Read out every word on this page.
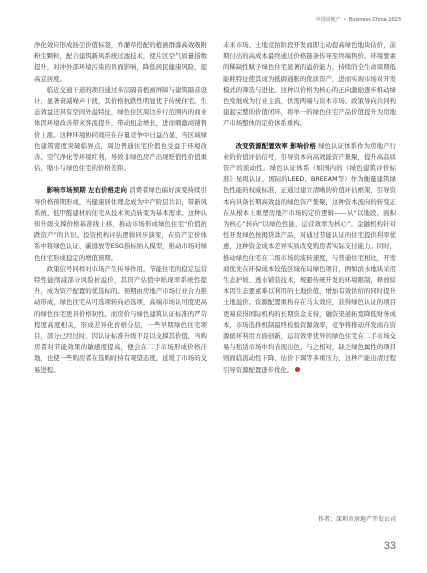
中国房地产 • Business China 2023

净化效应形成扬尘价值标签，乔灌草搭配的植被群落高效吸附粉尘颗粒，配合建筑新风系统过滤技术，使片区空气质量指数提升，对冲外部环境污染的负面影响，降低居民健康风险，提高宜居度。

临近交通干道的项目通过多层隔音植被屏障与建筑隔音设计，显著衰减噪声干扰，其价格抗跌性明显优于传统住宅。生态效益还具有空间外溢特征，绿色住区周边步行范围内的商业体因环境改善带来客流提升，带动租金增长，进而刺激商铺售价上涨。这种环境协同效应在存量竞争中日益凸显，当区域绿色建筑密度突破临界点，周边普通住宅价值也受益于环境改善。空气净化等环境红利，导致非绿色房产出现贬值性价值重估，缩小与绿色住宅的价格差距。

影响市场预期 左右价格走向 消费者绿色偏好演变持续引导价格预期形成，当健康居住理念成为中产阶层共识，带新风系统、低甲醛建材的住宅从技术卖点转变为基本需求。这种认知升级支撑价格基准线上移，推动市场形成绿色住宅“价值抗跌资产”的共识。投资机构评估逻辑同步演变，在资产定价体系中将绿色认证、碳排放等ESG指标纳入模型，推动市场对绿色住宅形成稳定的增值预期。

政策信号同样对市场产生传导作用。节能住宅的稳定运营特性能削减部分风险折溢价，其资产估值中贴现率系统性提升，成为资产配置的优选标的。预期由房地产市场行业合力推动形成，绿色住宅从可选项转向必选项，高端市场认可度更高的绿色住宅更具价格韧性。而房价与绿色建筑认证标准的严苛程度高度相关，形成差异化价格分层，一些早期绿色住宅项目，部分已经过时，因认证标准升级不足以支撑其价值，当购房者对节能效果的敏感度提高，便会在二手市场形成价格洼地，也使一些购房者在选购时持有观望态度，延缓了市场的交易进程。

未来市场。土地竞拍阶段开发商即主动提高绿色地块估价，前期付出的高成本最终通过价格链条传导至终端售价。环境要素的稀缺性赋予绿色住宅显著的溢价能力，持续的全生命周期低能耗特征使其成为抵御通胀的优质资产，进而实现市场对开发模式的筛选与进化。这种以价格为核心的正向激励逐步推动绿色发展成为行业主流，供需两端与资本市场、政策导向共同构建起完整的价值闭环，将单一的绿色住宅产品价值提升为房地产市场整体的定价体系重构。

改变资源配置效率 影响价格 绿色认证体系作为房地产行业的价值评估信号，引导资本向高效能资产集聚，提升高品质资产的流动性。绿色认证体系（如国内的《绿色建筑评价标准》星级认证、国际的LEED、BREEAM等）作为衡量建筑绿色性能的权威标准，正通过建立清晰的价值评估框架，引导资本向具备长期高效益的绿色资产集聚，这种资本流向的转变正在从根本上重塑房地产市场的定价逻辑——从“以地段、面积为核心”转向“以绿色性能、运营效率为核心”。金融机构针对性开发绿色按揭贷款产品，对通过节能认证的住宅提供利率优惠，这种资金成本差异实质改变购房者实际支付能力。同时，推动绿色住宅在二级市场的流转速度，与普通住宅相比，开发商优先在环保成本较低区域布局绿色项目，例如滨水地块采用生态护坡、透水铺装技术，规避传统开发的环境限制，释放原本因生态要素难以利用的土地价值，增加有效供给的同时提升土地溢价。资源配置重构存在马太效应，获得绿色认证的项目更易获得国际机构的长期资金支持，融资渠道拓宽降低财务成本，市场选择机制最终检验资源效率，竞争将推动开发商在资源循环利用方面创新，运营效率优异的绿色住宅在二手市场交易与租赁市场中均表现出色，与之相对，缺乏绿色属性的项目则面临流动性下降、估价下调等多重压力，这种产能出清过程引导资源配置逐步优化。

作者：深圳市房地产开发公司
33
